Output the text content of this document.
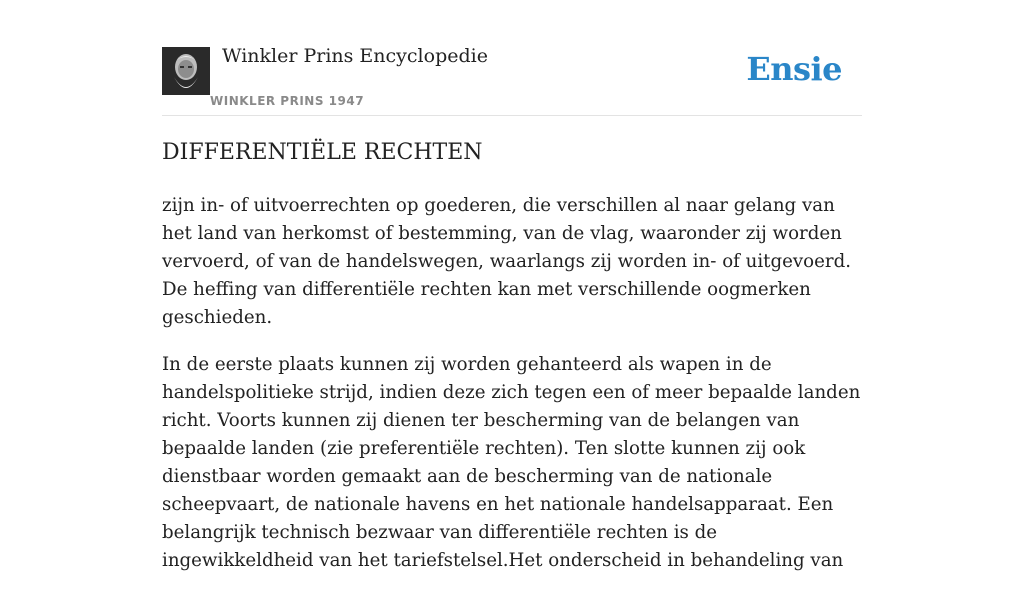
Winkler Prins Encyclopedie
WINKLER PRINS 1947
Ensie
DIFFERENTIËLE RECHTEN

zijn in- of uitvoerrechten op goederen, die verschillen al naar gelang van het land van herkomst of bestemming, van de vlag, waaronder zij worden vervoerd, of van de handelswegen, waarlangs zij worden in- of uitgevoerd. De heffing van differentiële rechten kan met verschillende oogmerken geschieden.

In de eerste plaats kunnen zij worden gehanteerd als wapen in de handelspolitieke strijd, indien deze zich tegen een of meer bepaalde landen richt. Voorts kunnen zij dienen ter bescherming van de belangen van bepaalde landen (zie preferentiële rechten). Ten slotte kunnen zij ook dienstbaar worden gemaakt aan de bescherming van de nationale scheepvaart, de nationale havens en het nationale handelsapparaat. Een belangrijk technisch bezwaar van differentiële rechten is de ingewikkeldheid van het tariefstelsel.Het onderscheid in behandeling van
